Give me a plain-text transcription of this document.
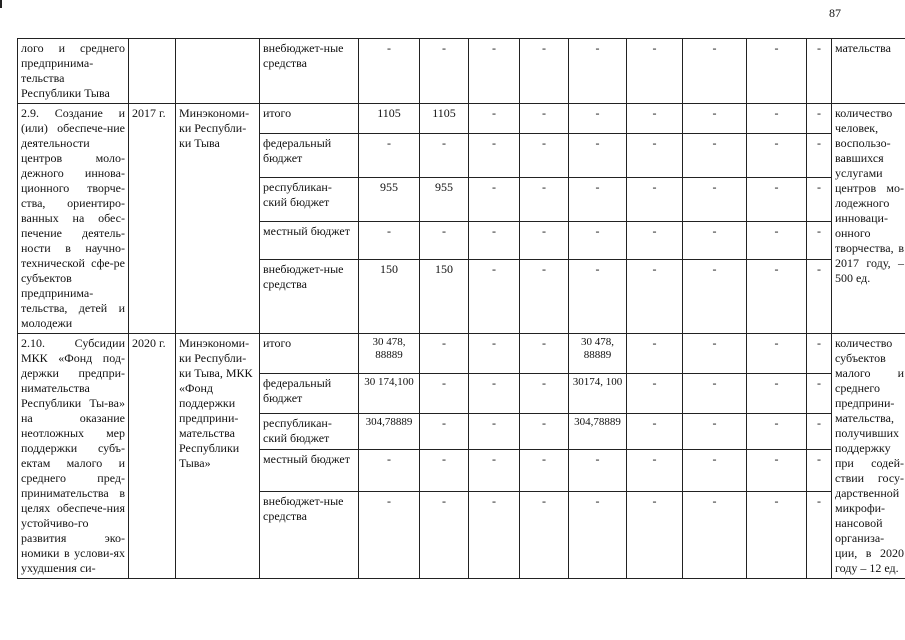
87
лого и среднего предпринима-тельства Республики Тыва			внебюджет-ные средства	-	-	-	-	-	-	-	-	-	мательства
2.9. Создание и (или) обеспече-ние деятельности центров моло-дежного иннова-ционного творче-ства, ориентиро-ванных на обес-печение деятель-ности в научно-технической сфе-ре субъектов предпринима-тельства, детей и молодежи	2017 г.	Минэкономи-ки Республи-ки Тыва	итого	1105	1105	-	-	-	-	-	-	-	количество человек, воспользо-вавшихся услугами центров мо-лодежного инноваци-онного творчества, в 2017 году, – 500 ед.
			федеральный бюджет	-	-	-	-	-	-	-	-	-	
			республикан-ский бюджет	955	955	-	-	-	-	-	-	-	
			местный бюджет	-	-	-	-	-	-	-	-	-	
			внебюджет-ные средства	150	150	-	-	-	-	-	-	-	
2.10. Субсидии МКК «Фонд под-держки предпри-нимательства Республики Ты-ва» на оказание неотложных мер поддержки субъ-ектам малого и среднего пред-принимательства в целях обеспече-ния устойчиво-го развития эко-номики в услови-ях ухудшения си-	2020 г.	Минэкономи-ки Республи-ки Тыва, МКК «Фонд поддержки предприни-мательства Республики Тыва»	итого	30 478, 88889	-	-	-	30 478, 88889	-	-	-	-	количество субъектов малого и среднего предприни-мательства, получивших поддержку при содей-ствии госу-дарственной микрофи-нансовой организа-ции, в 2020 году – 12 ед.
			федеральный бюджет	30 174,100	-	-	-	30174, 100	-	-	-	-	
			республикан-ский бюджет	304,78889	-	-	-	304,78889	-	-	-	-	
			местный бюджет	-	-	-	-	-	-	-	-	-	
			внебюджет-ные средства	-	-	-	-	-	-	-	-	-	
